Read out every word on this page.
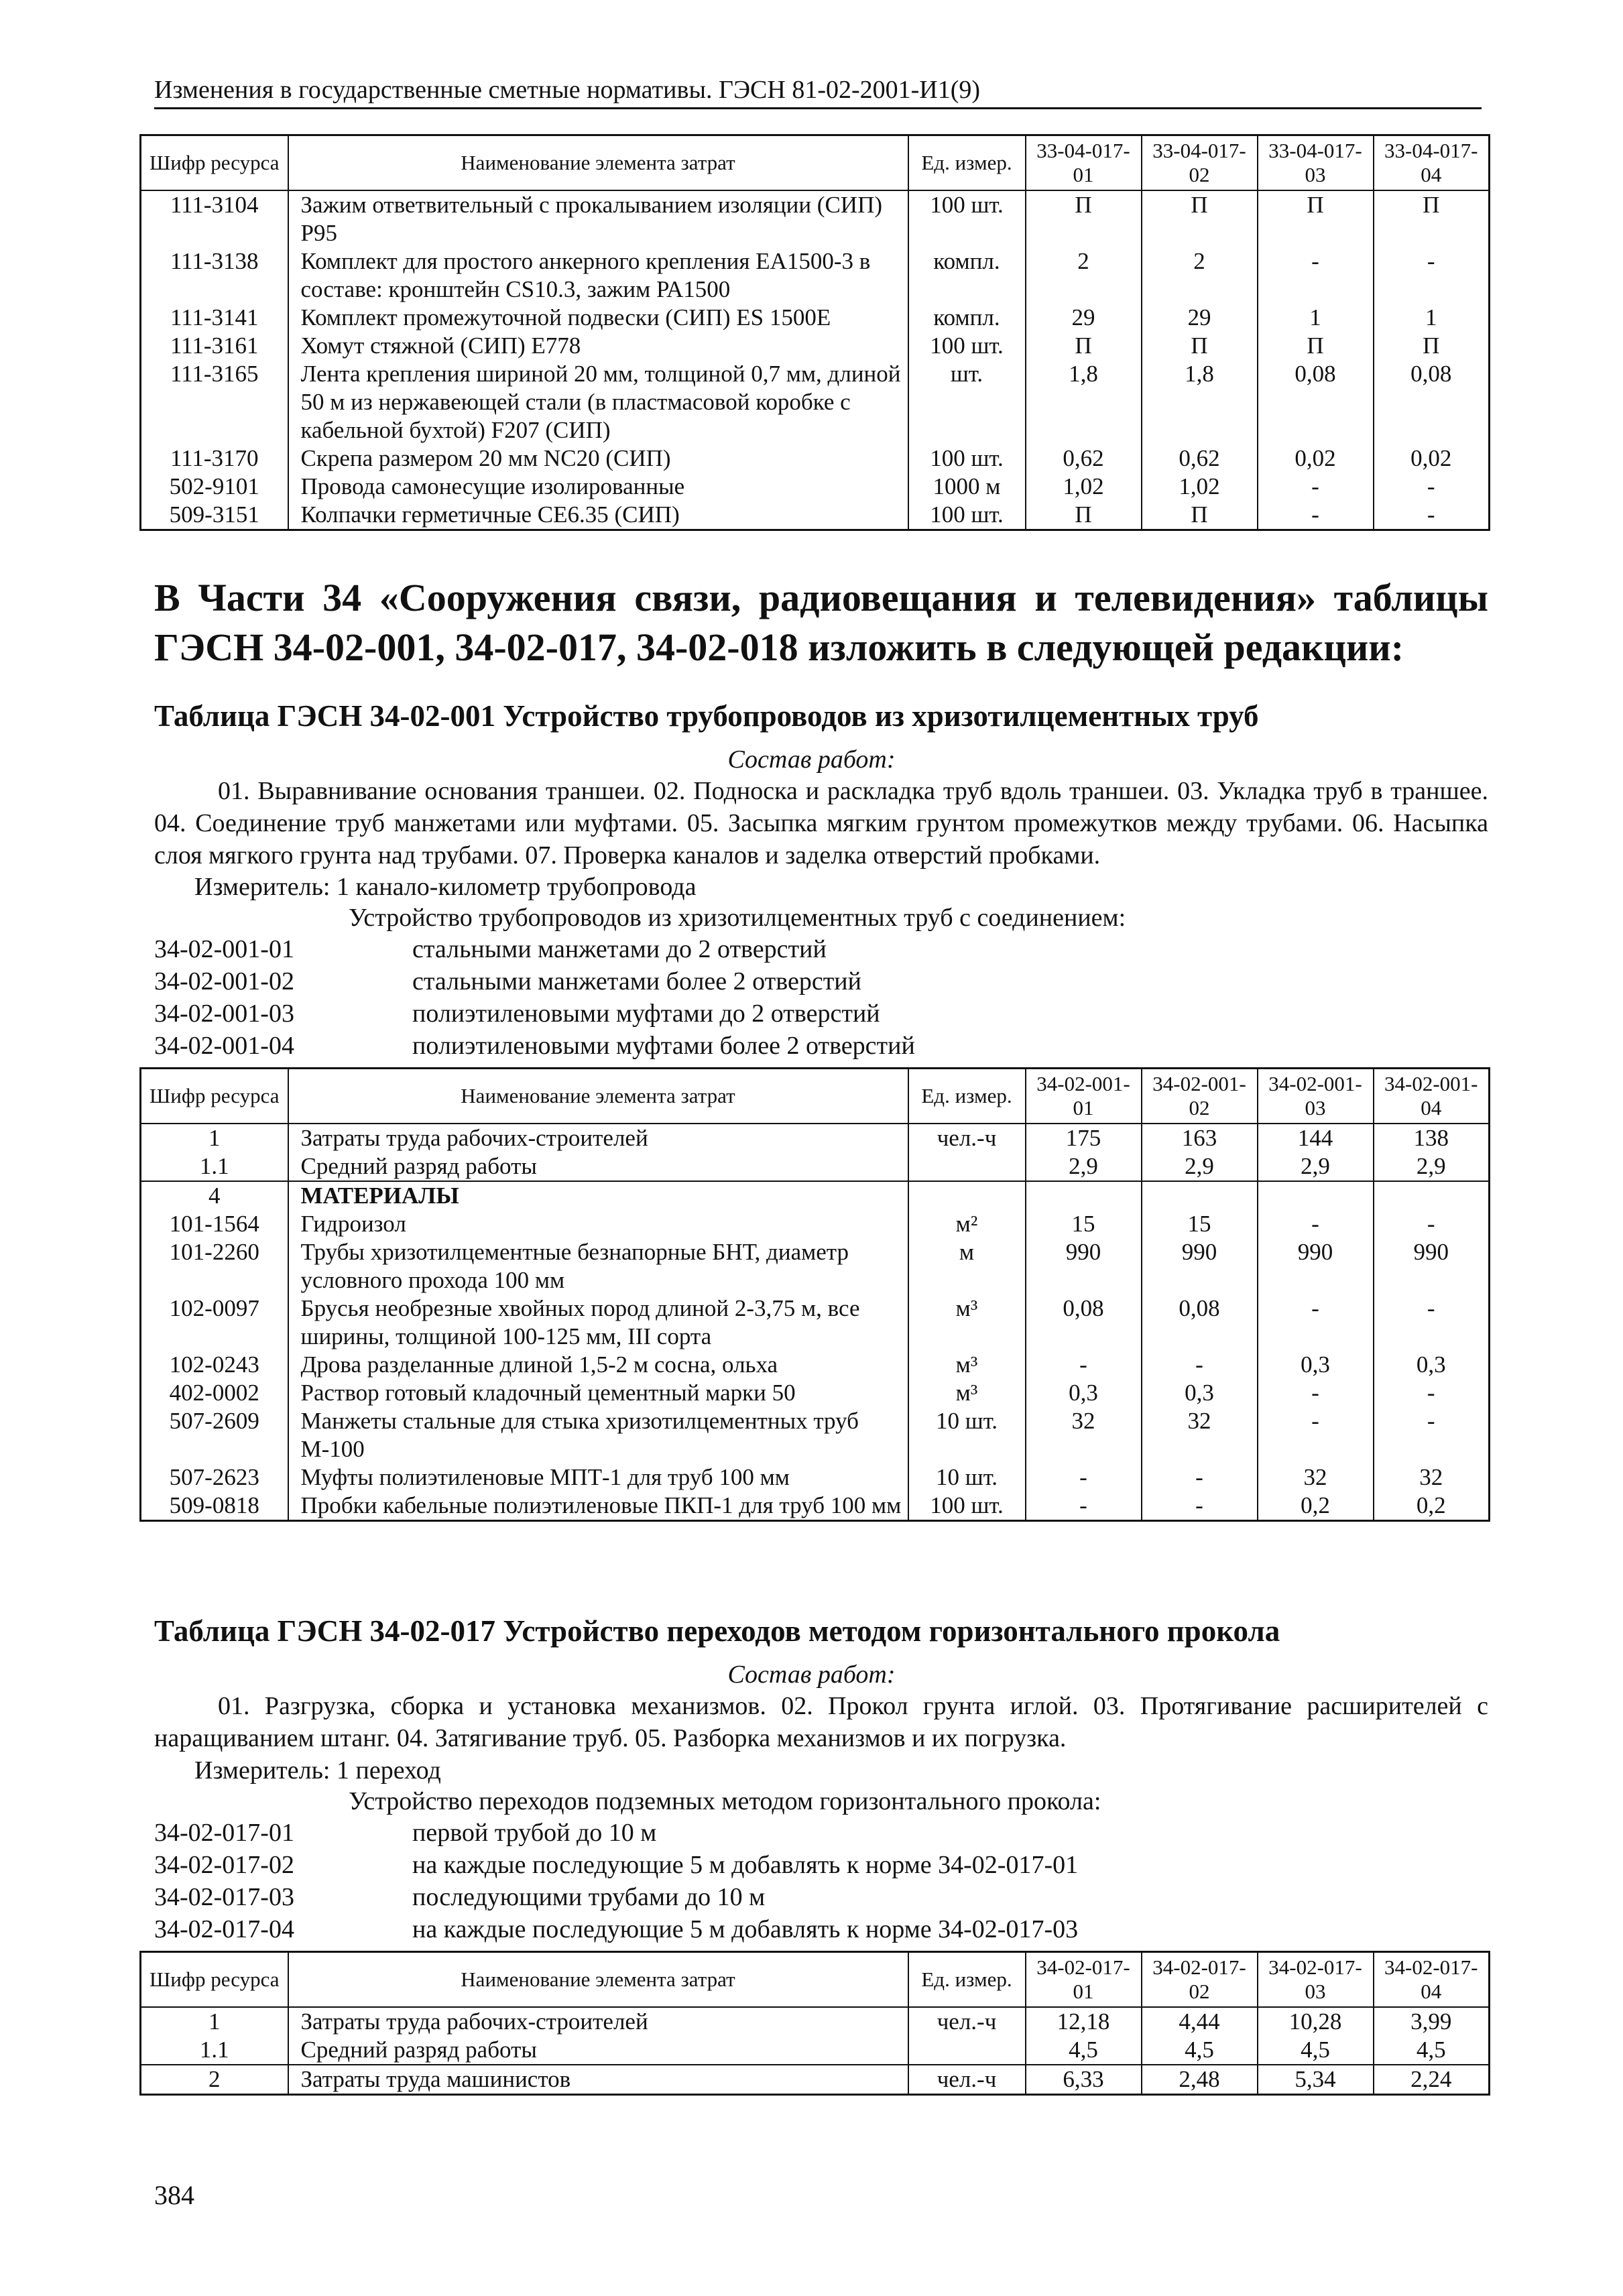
Изменения в государственные сметные нормативы. ГЭСН 81-02-2001-И1(9)
Шифр ресурса	Наименование элемента затрат	Ед. измер.	33-04-017-01	33-04-017-02	33-04-017-03	33-04-017-04
111-3104	Зажим ответвительный с прокалыванием изоляции (СИП) Р95	100 шт.	П	П	П	П
111-3138	Комплект для простого анкерного крепления ЕА1500-3 в составе: кронштейн CS10.3, зажим РА1500	компл.	2	2	-	-
111-3141	Комплект промежуточной подвески (СИП) ES 1500Е	компл.	29	29	1	1
111-3161	Хомут стяжной (СИП) Е778	100 шт.	П	П	П	П
111-3165	Лента крепления шириной 20 мм, толщиной 0,7 мм, длиной 50 м из нержавеющей стали (в пластмасовой коробке с кабельной бухтой) F207 (СИП)	шт.	1,8	1,8	0,08	0,08
111-3170	Скрепа размером 20 мм NC20 (СИП)	100 шт.	0,62	0,62	0,02	0,02
502-9101	Провода самонесущие изолированные	1000 м	1,02	1,02	-	-
509-3151	Колпачки герметичные СЕ6.35 (СИП)	100 шт.	П	П	-	-
В Части 34 «Сооружения связи, радиовещания и телевидения» таблицы ГЭСН 34-02-001, 34-02-017, 34-02-018 изложить в следующей редакции:
Таблица ГЭСН 34-02-001 Устройство трубопроводов из хризотилцементных труб
Состав работ:
01. Выравнивание основания траншеи. 02. Поднoска и раскладка труб вдоль траншеи. 03. Укладка труб в траншее. 04. Соединение труб манжетами или муфтами. 05. Засыпка мягким грунтом промежутков между трубами. 06. Насыпка слоя мягкого грунта над трубами. 07. Проверка каналов и заделка отверстий пробками.
Измеритель: 1 канало-километр трубопровода
Устройство трубопроводов из хризотилцементных труб с соединением:
34-02-001-01	стальными манжетами до 2 отверстий
34-02-001-02	стальными манжетами более 2 отверстий
34-02-001-03	полиэтиленовыми муфтами до 2 отверстий
34-02-001-04	полиэтиленовыми муфтами более 2 отверстий
Шифр ресурса	Наименование элемента затрат	Ед. измер.	34-02-001-01	34-02-001-02	34-02-001-03	34-02-001-04
1	Затраты труда рабочих-строителей	чел.-ч	175	163	144	138
1.1	Средний разряд работы		2,9	2,9	2,9	2,9
4	МАТЕРИАЛЫ					
101-1564	Гидроизол	м²	15	15	-	-
101-2260	Трубы хризотилцементные безнапорные БНТ, диаметр условного прохода 100 мм	м	990	990	990	990
102-0097	Брусья необрезные хвойных пород длиной 2-3,75 м, все ширины, толщиной 100-125 мм, III сорта	м³	0,08	0,08	-	-
102-0243	Дрова разделанные длиной 1,5-2 м сосна, ольха	м³	-	-	0,3	0,3
402-0002	Раствор готовый кладочный цементный марки 50	м³	0,3	0,3	-	-
507-2609	Манжеты стальные для стыка хризотилцементных труб М-100	10 шт.	32	32	-	-
507-2623	Муфты полиэтиленовые МПТ-1 для труб 100 мм	10 шт.	-	-	32	32
509-0818	Пробки кабельные полиэтиленовые ПКП-1 для труб 100 мм	100 шт.	-	-	0,2	0,2
Таблица ГЭСН 34-02-017 Устройство переходов методом горизонтального прокола
Состав работ:
01. Разгрузка, сборка и установка механизмов. 02. Прокол грунта иглой. 03. Протягивание расширителей с наращиванием штанг. 04. Затягивание труб. 05. Разборка механизмов и их погрузка.
Измеритель: 1 переход
Устройство переходов подземных методом горизонтального прокола:
34-02-017-01	первой трубой до 10 м
34-02-017-02	на каждые последующие 5 м добавлять к норме 34-02-017-01
34-02-017-03	последующими трубами до 10 м
34-02-017-04	на каждые последующие 5 м добавлять к норме 34-02-017-03
Шифр ресурса	Наименование элемента затрат	Ед. измер.	34-02-017-01	34-02-017-02	34-02-017-03	34-02-017-04
1	Затраты труда рабочих-строителей	чел.-ч	12,18	4,44	10,28	3,99
1.1	Средний разряд работы		4,5	4,5	4,5	4,5
2	Затраты труда машинистов	чел.-ч	6,33	2,48	5,34	2,24
384
